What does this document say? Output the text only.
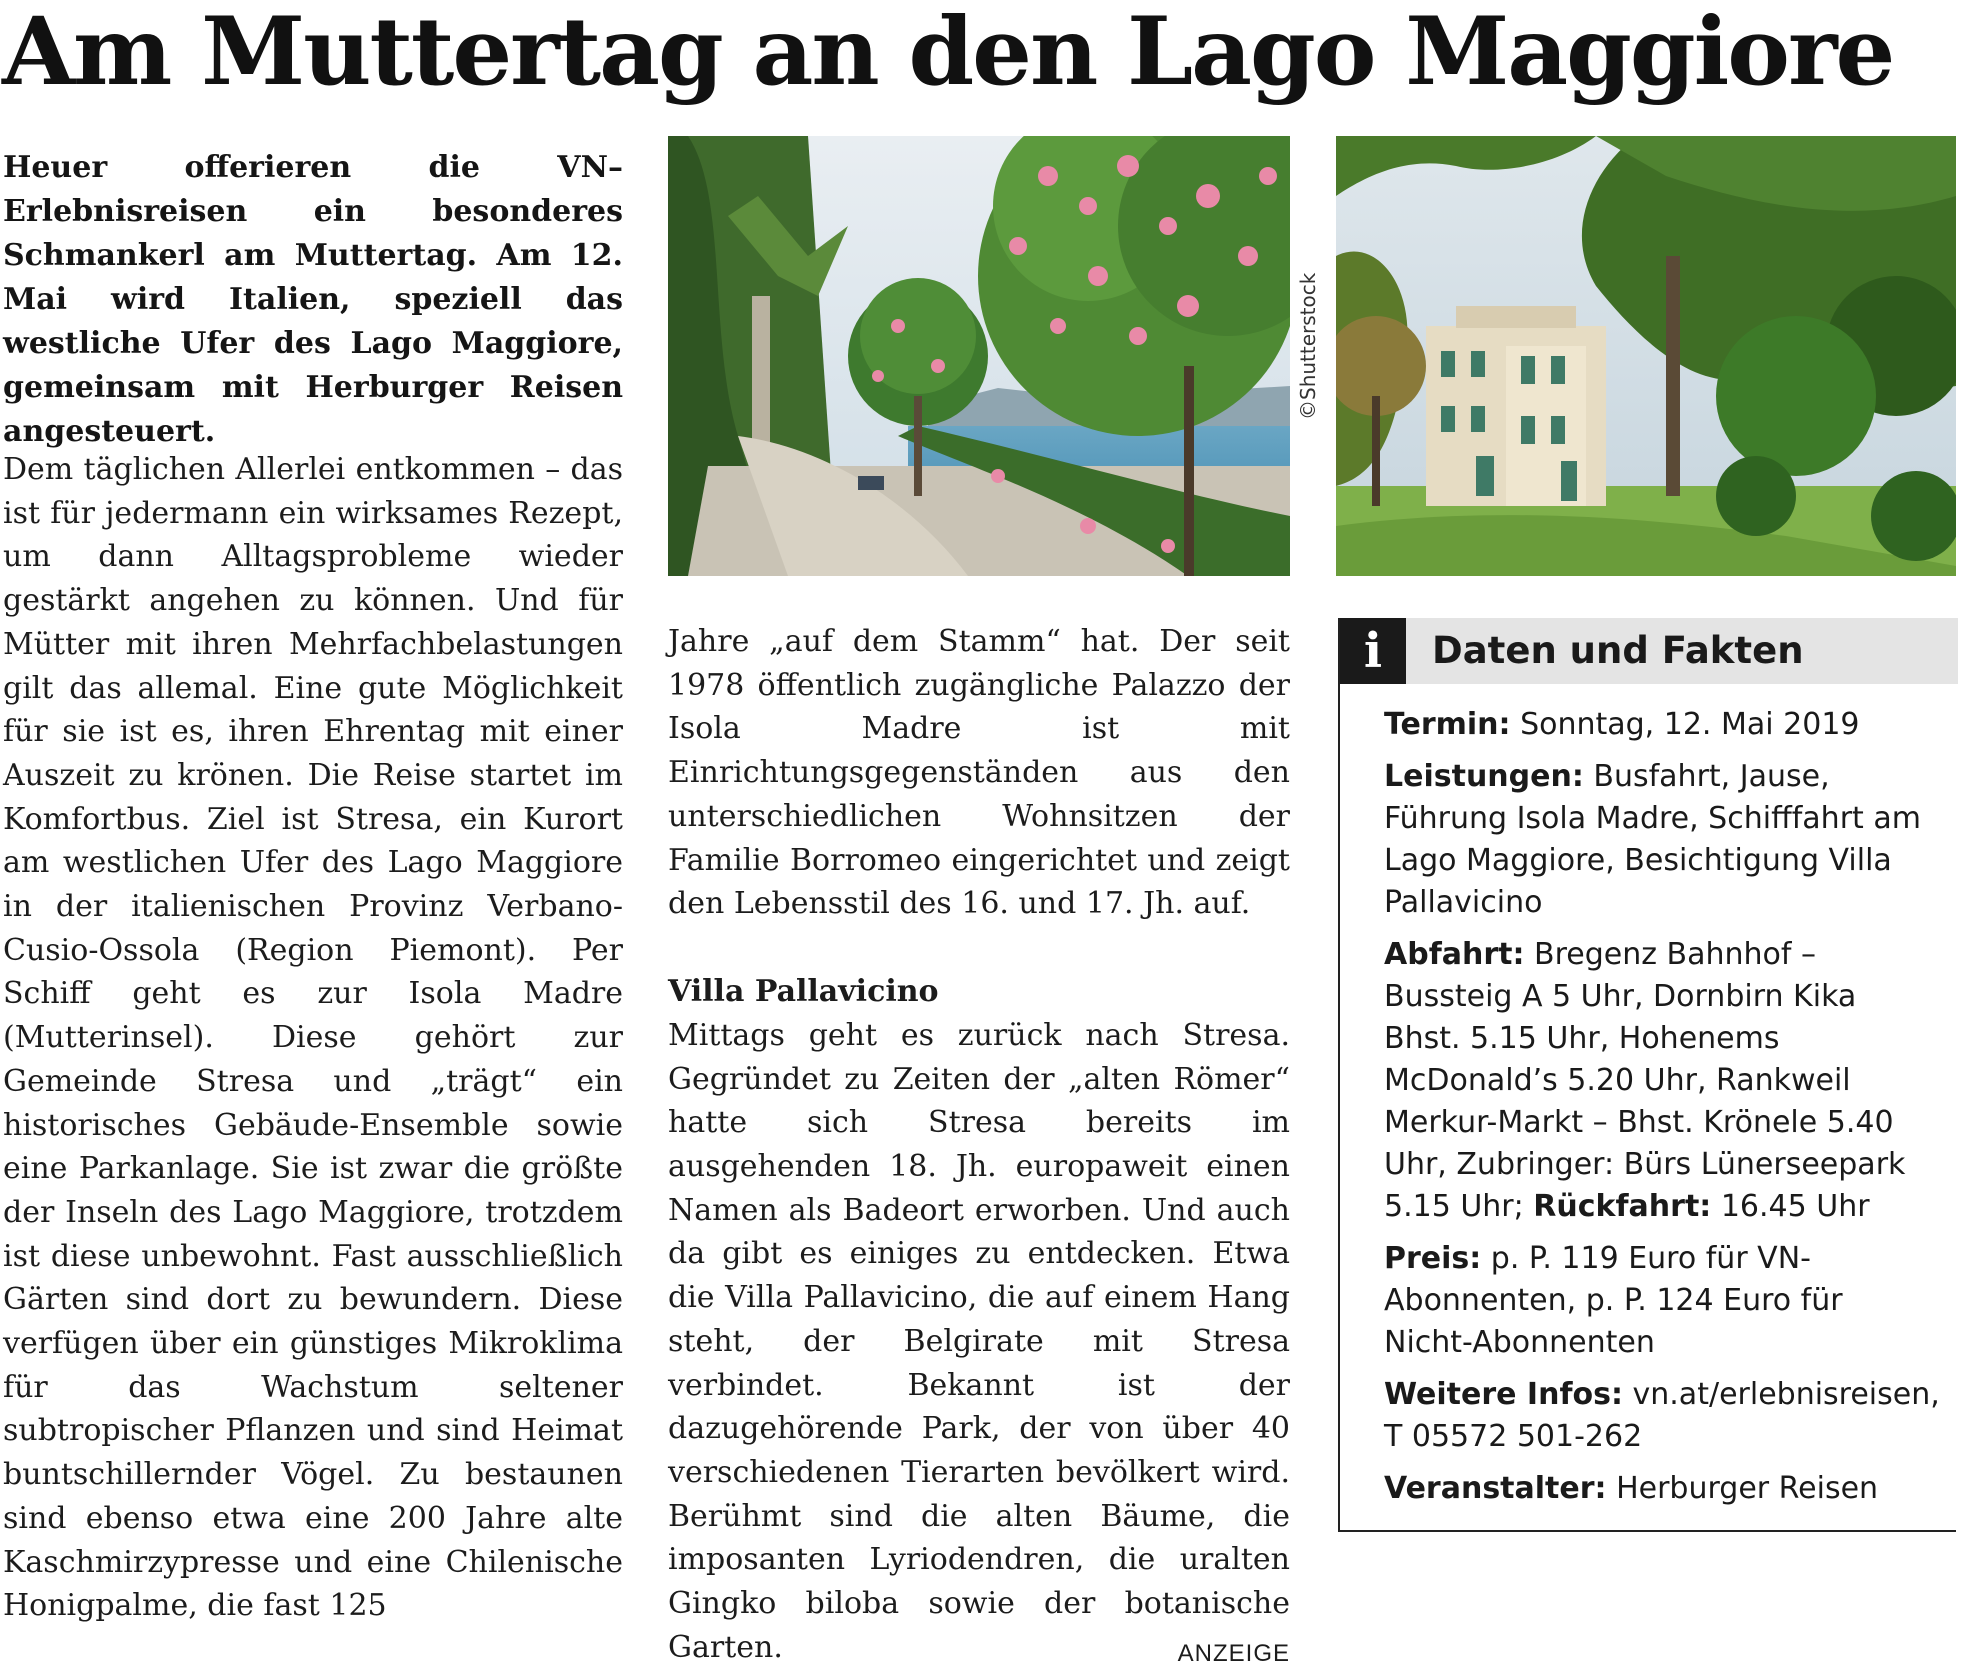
Am Muttertag an den Lago Maggiore
Heuer offerieren die VN–Erlebnisreisen ein besonderes Schmankerl am Muttertag. Am 12. Mai wird Italien, speziell das westliche Ufer des Lago Maggiore, gemeinsam mit Herburger Reisen angesteuert.

Dem täglichen Allerlei entkommen – das ist für jedermann ein wirksames Rezept, um dann Alltagsprobleme wieder gestärkt angehen zu können. Und für Mütter mit ihren Mehrfachbelastungen gilt das allemal. Eine gute Möglichkeit für sie ist es, ihren Ehrentag mit einer Auszeit zu krönen. Die Reise startet im Komfortbus. Ziel ist Stresa, ein Kurort am westlichen Ufer des Lago Maggiore in der italienischen Provinz Verbano-Cusio-Ossola (Region Piemont). Per Schiff geht es zur Isola Madre (Mutterinsel). Diese gehört zur Gemeinde Stresa und „trägt“ ein historisches Gebäude-Ensemble sowie eine Parkanlage. Sie ist zwar die größte der Inseln des Lago Maggiore, trotzdem ist diese unbewohnt. Fast ausschließlich Gärten sind dort zu bewundern. Diese verfügen über ein günstiges Mikroklima für das Wachstum seltener subtropischer Pflanzen und sind Heimat buntschillernder Vögel. Zu bestaunen sind ebenso etwa eine 200 Jahre alte Kaschmirzypresse und eine Chilenische Honigpalme, die fast 125

©Shutterstock

Jahre „auf dem Stamm“ hat. Der seit 1978 öffentlich zugängliche Palazzo der Isola Madre ist mit Einrichtungsgegenständen aus den unterschiedlichen Wohnsitzen der Familie Borromeo eingerichtet und zeigt den Lebensstil des 16. und 17. Jh. auf.

Villa Pallavicino

Mittags geht es zurück nach Stresa. Gegründet zu Zeiten der „alten Römer“ hatte sich Stresa bereits im ausgehenden 18. Jh. europaweit einen Namen als Badeort erworben. Und auch da gibt es einiges zu entdecken. Etwa die Villa Pallavicino, die auf einem Hang steht, der Belgirate mit Stresa verbindet. Bekannt ist der dazugehörende Park, der von über 40 verschiedenen Tierarten bevölkert wird. Berühmt sind die alten Bäume, die imposanten Lyriodendren, die uralten Gingko biloba sowie der botanische Garten.	ANZEIGE

i	Daten und Fakten

Termin: Sonntag, 12. Mai 2019

Leistungen: Busfahrt, Jause, Führung Isola Madre, Schifffahrt am Lago Maggiore, Besichtigung Villa Pallavicino

Abfahrt: Bregenz Bahnhof – Bussteig A 5 Uhr, Dornbirn Kika Bhst. 5.15 Uhr, Hohenems McDonald’s 5.20 Uhr, Rankweil Merkur-Markt – Bhst. Krönele 5.40 Uhr, Zubringer: Bürs Lünerseepark 5.15 Uhr; Rückfahrt: 16.45 Uhr

Preis: p. P. 119 Euro für VN-Abonnenten, p. P. 124 Euro für Nicht-Abonnenten

Weitere Infos: vn.at/erlebnisreisen, T 05572 501-262

Veranstalter: Herburger Reisen
